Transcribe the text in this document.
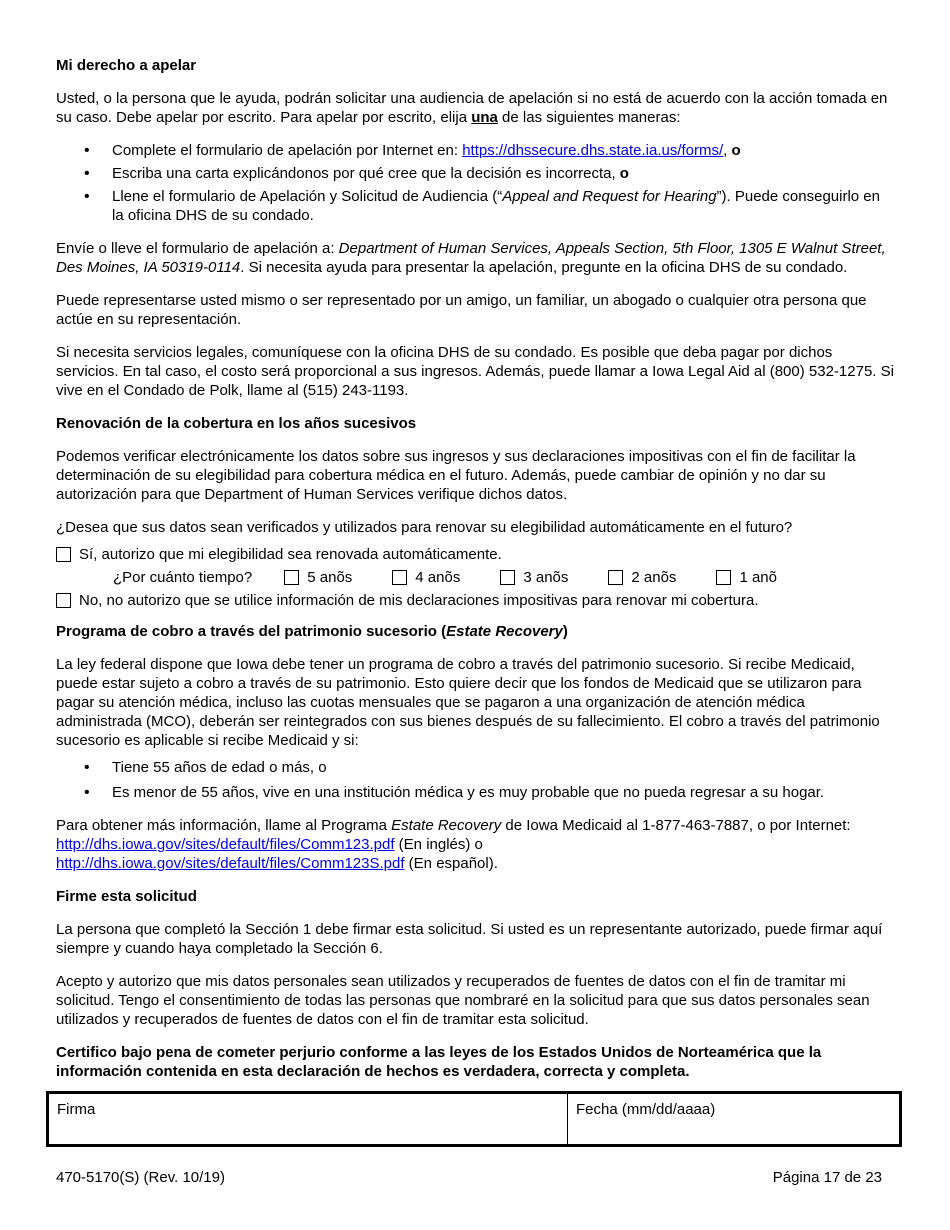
Mi derecho a apelar

Usted, o la persona que le ayuda, podrán solicitar una audiencia de apelación si no está de acuerdo con la acción tomada en su caso. Debe apelar por escrito. Para apelar por escrito, elija una de las siguientes maneras:

• Complete el formulario de apelación por Internet en: https://dhssecure.dhs.state.ia.us/forms/, o
• Escriba una carta explicándonos por qué cree que la decisión es incorrecta, o
• Llene el formulario de Apelación y Solicitud de Audiencia (“Appeal and Request for Hearing”). Puede conseguirlo en la oficina DHS de su condado.

Envíe o lleve el formulario de apelación a: Department of Human Services, Appeals Section, 5th Floor, 1305 E Walnut Street, Des Moines, IA 50319-0114. Si necesita ayuda para presentar la apelación, pregunte en la oficina DHS de su condado.

Puede representarse usted mismo o ser representado por un amigo, un familiar, un abogado o cualquier otra persona que actúe en su representación.

Si necesita servicios legales, comuníquese con la oficina DHS de su condado. Es posible que deba pagar por dichos servicios. En tal caso, el costo será proporcional a sus ingresos. Además, puede llamar a Iowa Legal Aid al (800) 532-1275. Si vive en el Condado de Polk, llame al (515) 243-1193.

Renovación de la cobertura en los años sucesivos

Podemos verificar electrónicamente los datos sobre sus ingresos y sus declaraciones impositivas con el fin de facilitar la determinación de su elegibilidad para cobertura médica en el futuro. Además, puede cambiar de opinión y no dar su autorización para que Department of Human Services verifique dichos datos.

¿Desea que sus datos sean verificados y utilizados para renovar su elegibilidad automáticamente en el futuro?

Sí, autorizo que mi elegibilidad sea renovada automáticamente.
¿Por cuánto tiempo?	5 anõs	4 anõs	3 anõs	2 anõs	1 anõ
No, no autorizo que se utilice información de mis declaraciones impositivas para renovar mi cobertura.
Programa de cobro a través del patrimonio sucesorio (Estate Recovery)

La ley federal dispone que Iowa debe tener un programa de cobro a través del patrimonio sucesorio. Si recibe Medicaid, puede estar sujeto a cobro a través de su patrimonio. Esto quiere decir que los fondos de Medicaid que se utilizaron para pagar su atención médica, incluso las cuotas mensuales que se pagaron a una organización de atención médica administrada (MCO), deberán ser reintegrados con sus bienes después de su fallecimiento. El cobro a través del patrimonio sucesorio es aplicable si recibe Medicaid y si:

• Tiene 55 años de edad o más, o
• Es menor de 55 años, vive en una institución médica y es muy probable que no pueda regresar a su hogar.

Para obtener más información, llame al Programa Estate Recovery de Iowa Medicaid al 1-877-463-7887, o por Internet: http://dhs.iowa.gov/sites/default/files/Comm123.pdf (En inglés) o
http://dhs.iowa.gov/sites/default/files/Comm123S.pdf (En español).

Firme esta solicitud

La persona que completó la Sección 1 debe firmar esta solicitud. Si usted es un representante autorizado, puede firmar aquí siempre y cuando haya completado la Sección 6.

Acepto y autorizo que mis datos personales sean utilizados y recuperados de fuentes de datos con el fin de tramitar mi solicitud. Tengo el consentimiento de todas las personas que nombraré en la solicitud para que sus datos personales sean utilizados y recuperados de fuentes de datos con el fin de tramitar esta solicitud.

Certifico bajo pena de cometer perjurio conforme a las leyes de los Estados Unidos de Norteamérica que la información contenida en esta declaración de hechos es verdadera, correcta y completa.

Firma	Fecha (mm/dd/aaaa)
470-5170(S) (Rev. 10/19)	Página 17 de 23
